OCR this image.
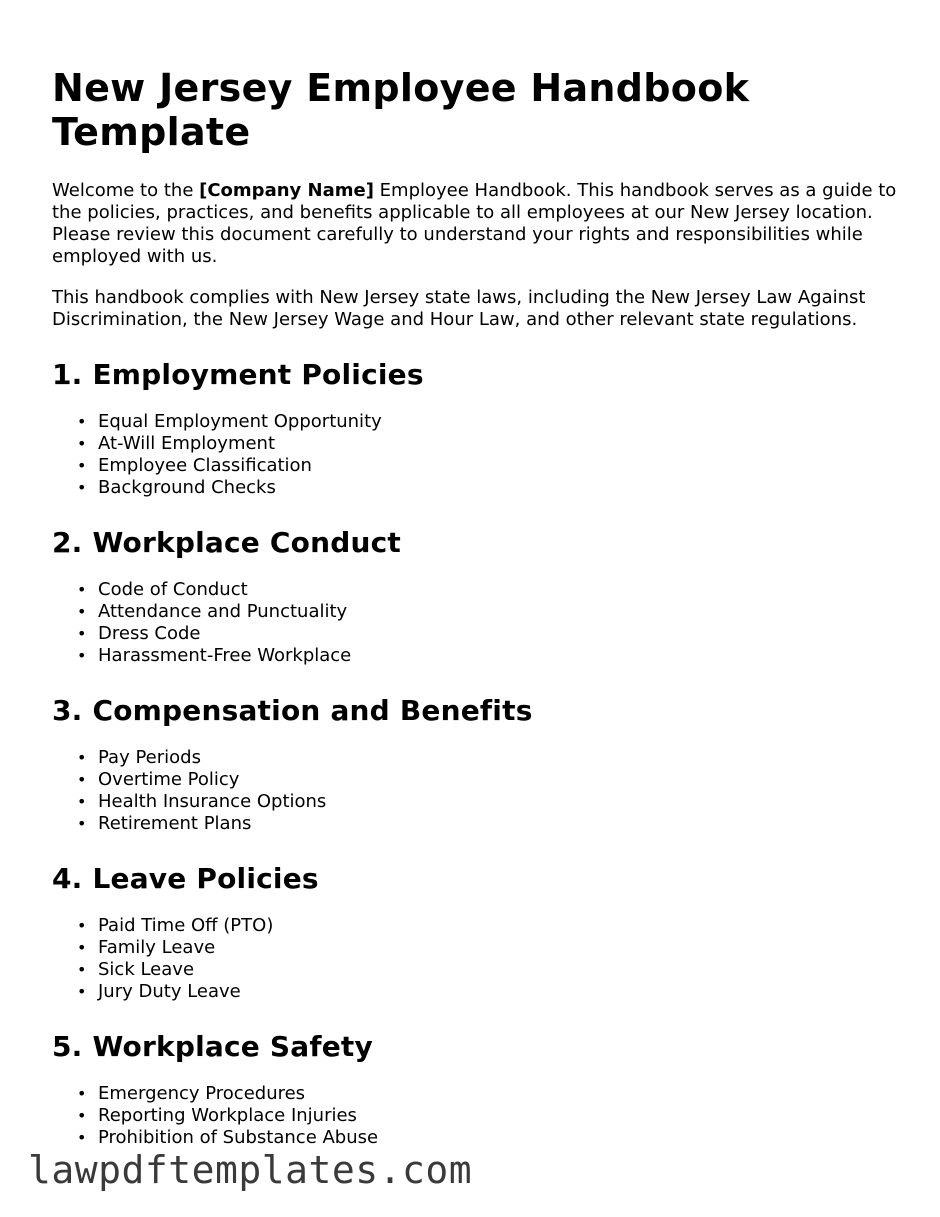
New Jersey Employee Handbook Template

Welcome to the [Company Name] Employee Handbook. This handbook serves as a guide to the policies, practices, and benefits applicable to all employees at our New Jersey location. Please review this document carefully to understand your rights and responsibilities while employed with us.

This handbook complies with New Jersey state laws, including the New Jersey Law Against Discrimination, the New Jersey Wage and Hour Law, and other relevant state regulations.

1. Employment Policies
• Equal Employment Opportunity
• At-Will Employment
• Employee Classification
• Background Checks
2. Workplace Conduct
• Code of Conduct
• Attendance and Punctuality
• Dress Code
• Harassment-Free Workplace
3. Compensation and Benefits
• Pay Periods
• Overtime Policy
• Health Insurance Options
• Retirement Plans
4. Leave Policies
• Paid Time Off (PTO)
• Family Leave
• Sick Leave
• Jury Duty Leave
5. Workplace Safety
• Emergency Procedures
• Reporting Workplace Injuries
• Prohibition of Substance Abuse
lawpdftemplates.com
